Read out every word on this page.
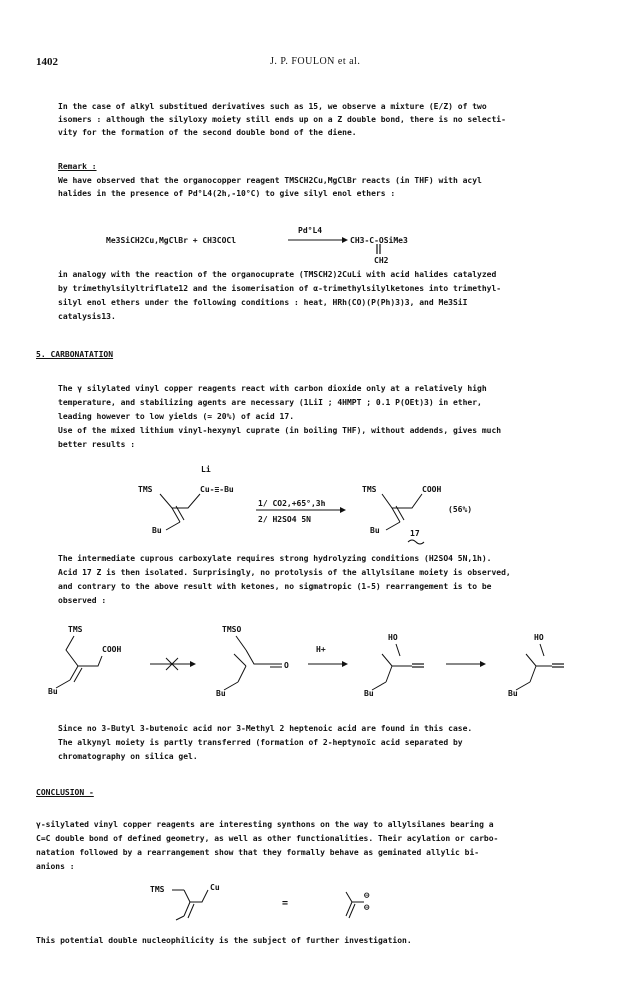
1402	J. P. FOULON et al.
In the case of alkyl substitued derivatives such as 15, we observe a mixture (E/Z) of two
isomers : although the silyloxy moiety still ends up on a Z double bond, there is no selecti-
vity for the formation of the second double bond of the diene.
Remark :
We have observed that the organocopper reagent TMSCH2Cu,MgClBr reacts (in THF) with acyl
halides in the presence of Pd°L4(2h,-10°C) to give silyl enol ethers :
Me3SiCH2Cu,MgClBr + CH3COCl
Pd°L4
→ CH3-C-OSiMe3
CH2
in analogy with the reaction of the organocuprate (TMSCH2)2CuLi with acid halides catalyzed
by trimethylsilyltriflate12 and the isomerisation of α-trimethylsilylketones into trimethyl-
silyl enol ethers under the following conditions : heat, HRh(CO)(P(Ph)3)3, and Me3SiI
catalysis13.
5. CARBONATATION
The γ silylated vinyl copper reagents react with carbon dioxide only at a relatively high
temperature, and stabilizing agents are necessary (1LiI ; 4HMPT ; 0.1 P(OEt)3) in ether,
leading however to low yields (≃ 20%) of acid 17.
Use of the mixed lithium vinyl-hexynyl cuprate (in boiling THF), without addends, gives much
better results :
Li
TMS	Cu-≡-Bu
Bu
1/ CO2,+65°,3h
2/ H2SO4 5N
TMS	COOH
Bu	17
(56%)
The intermediate cuprous carboxylate requires strong hydrolyzing conditions (H2SO4 5N,1h).
Acid 17 Z is then isolated. Surprisingly, no protolysis of the allylsilane moiety is observed,
and contrary to the above result with ketones, no sigmatropic (1-5) rearrangement is to be
observed :
TMS
COOH
Bu
TMSO
O
Bu
H+
HO
Bu
HO
Bu
Since no 3-Butyl 3-butenoic acid nor 3-Methyl 2 heptenoic acid are found in this case.
The alkynyl moiety is partly transferred (formation of 2-heptynoïc acid separated by
chromatography on silica gel.
CONCLUSION -
γ-silylated vinyl copper reagents are interesting synthons on the way to allylsilanes bearing a
C=C double bond of defined geometry, as well as other functionalities. Their acylation or carbo-
natation followed by a rearrangement show that they formally behave as geminated allylic bi-
anions :
TMS	Cu
=
⊖
⊖
This potential double nucleophilicity is the subject of further investigation.
